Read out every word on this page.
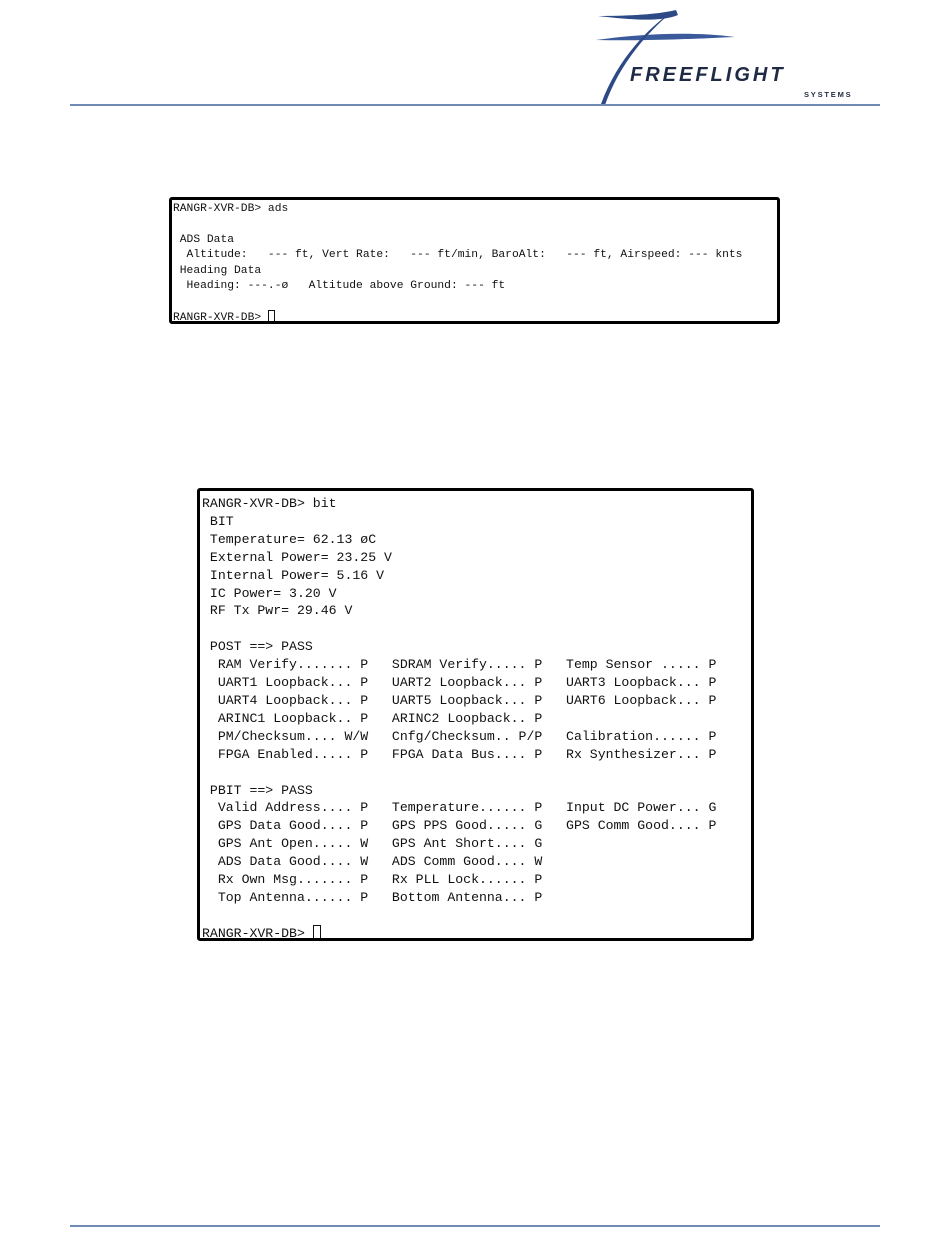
FREEFLIGHT
SYSTEMS
RANGR-XVR-DB> ads

ADS Data
Altitude:   --- ft, Vert Rate:   --- ft/min, BaroAlt:   --- ft, Airspeed: --- knts
Heading Data
Heading: ---.-ø   Altitude above Ground: --- ft

RANGR-XVR-DB>
RANGR-XVR-DB> bit
BIT
Temperature= 62.13 øC
External Power= 23.25 V
Internal Power= 5.16 V
IC Power= 3.20 V
RF Tx Pwr= 29.46 V

POST ==> PASS
RAM Verify....... P   SDRAM Verify..... P   Temp Sensor ..... P
UART1 Loopback... P   UART2 Loopback... P   UART3 Loopback... P
UART4 Loopback... P   UART5 Loopback... P   UART6 Loopback... P
ARINC1 Loopback.. P   ARINC2 Loopback.. P
PM/Checksum.... W/W   Cnfg/Checksum.. P/P   Calibration...... P
FPGA Enabled..... P   FPGA Data Bus.... P   Rx Synthesizer... P

PBIT ==> PASS
Valid Address.... P   Temperature...... P   Input DC Power... G
GPS Data Good.... P   GPS PPS Good..... G   GPS Comm Good.... P
GPS Ant Open..... W   GPS Ant Short.... G
ADS Data Good.... W   ADS Comm Good.... W
Rx Own Msg....... P   Rx PLL Lock...... P
Top Antenna...... P   Bottom Antenna... P

RANGR-XVR-DB>
